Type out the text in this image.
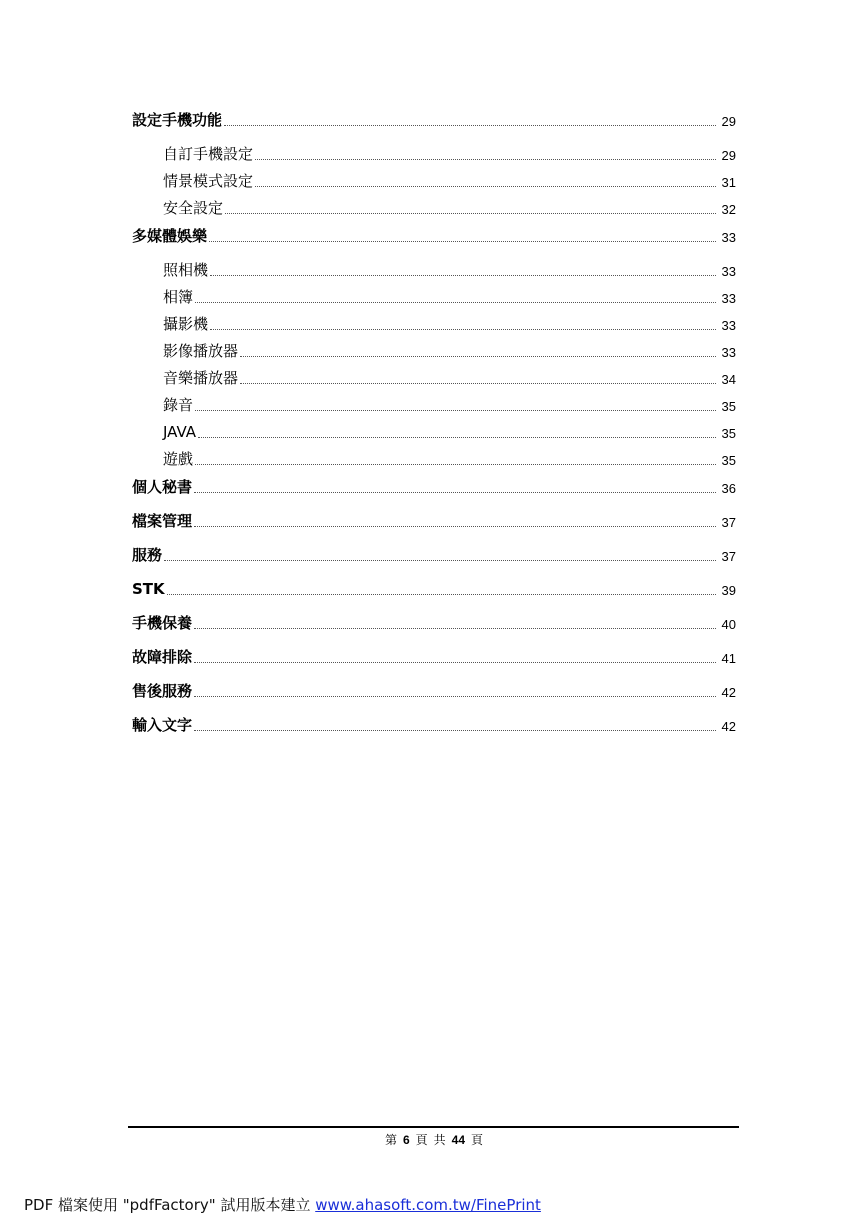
設定手機功能	29
自訂手機設定	29
情景模式設定	31
安全設定	32
多媒體娛樂	33
照相機	33
相簿	33
攝影機	33
影像播放器	33
音樂播放器	34
錄音	35
JAVA	35
遊戲	35
個人秘書	36
檔案管理	37
服務	37
STK	39
手機保養	40
故障排除	41
售後服務	42
輸入文字	42
第 6 頁 共 44 頁
PDF 檔案使用 "pdfFactory" 試用版本建立 www.ahasoft.com.tw/FinePrint
